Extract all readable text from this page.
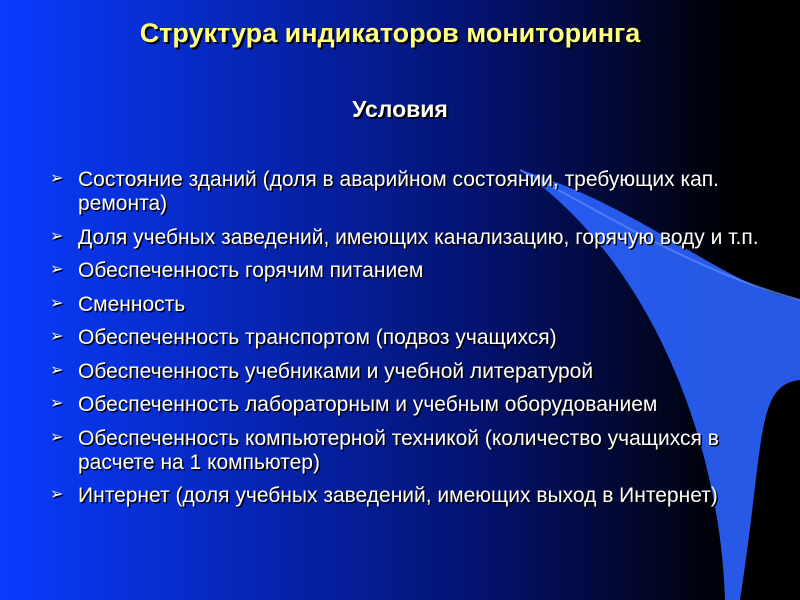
Структура индикаторов мониторинга
Условия
➢ Состояние зданий (доля в аварийном состоянии, требующих кап. ремонта)
➢ Доля учебных заведений, имеющих канализацию, горячую воду и т.п.
➢ Обеспеченность горячим питанием
➢ Сменность
➢ Обеспеченность транспортом (подвоз учащихся)
➢ Обеспеченность учебниками и учебной литературой
➢ Обеспеченность лабораторным и учебным оборудованием
➢ Обеспеченность компьютерной техникой (количество учащихся в расчете на 1 компьютер)
➢ Интернет (доля учебных заведений, имеющих выход в Интернет)
